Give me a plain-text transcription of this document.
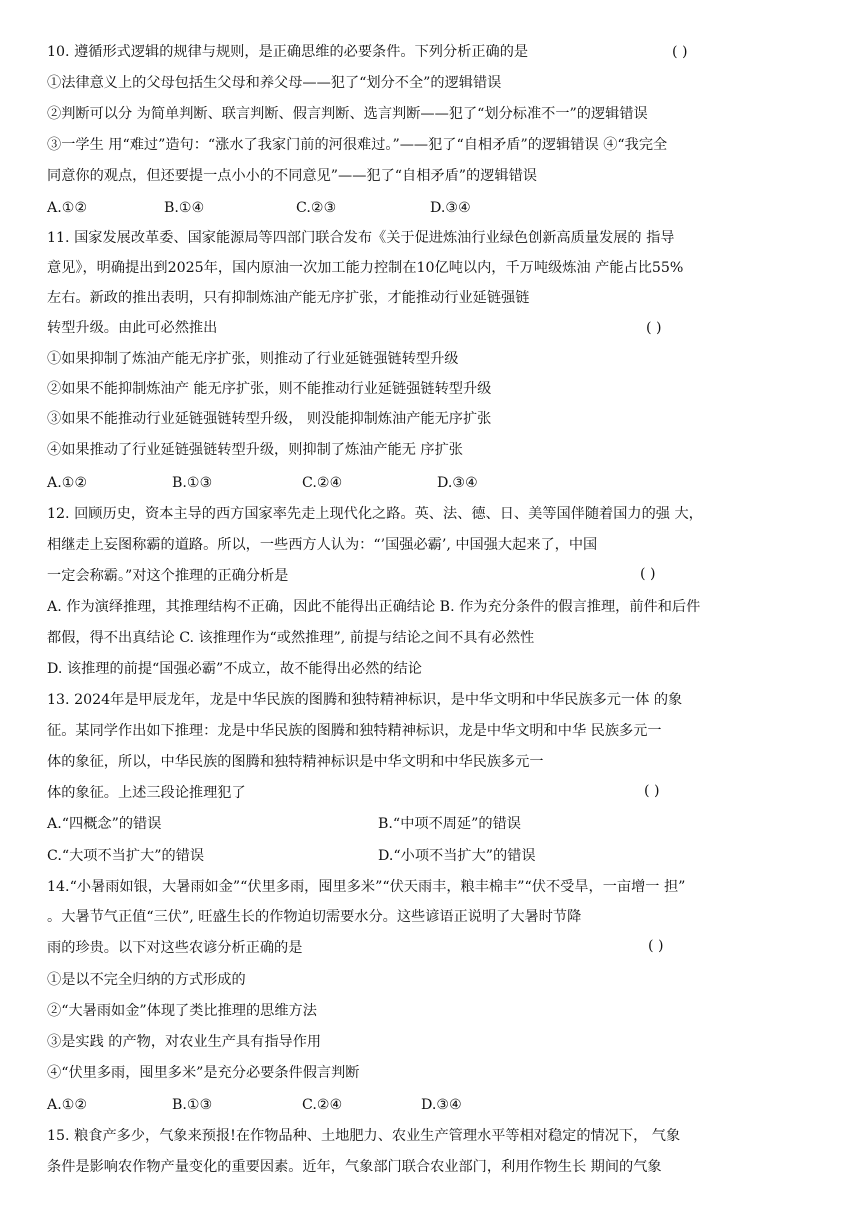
10. 遵循形式逻辑的规律与规则，是正确思维的必要条件。下列分析正确的是	( )
①法律意义上的父母包括生父母和养父母——犯了“划分不全”的逻辑错误
②判断可以分 为简单判断、联言判断、假言判断、选言判断——犯了“划分标准不一”的逻辑错误
③一学生 用“难过”造句：“涨水了我家门前的河很难过。”——犯了“自相矛盾”的逻辑错误 ④“我完全
同意你的观点，但还要提一点小小的不同意见”——犯了“自相矛盾”的逻辑错误
A.①②	B.①④	C.②③	D.③④
11. 国家发展改革委、国家能源局等四部门联合发布《关于促进炼油行业绿色创新高质量发展的 指导
意见》，明确提出到2025年，国内原油一次加工能力控制在10亿吨以内，千万吨级炼油 产能占比55%
左右。新政的推出表明，只有抑制炼油产能无序扩张，才能推动行业延链强链
转型升级。由此可必然推出	( )
①如果抑制了炼油产能无序扩张，则推动了行业延链强链转型升级
②如果不能抑制炼油产 能无序扩张，则不能推动行业延链强链转型升级
③如果不能推动行业延链强链转型升级， 则没能抑制炼油产能无序扩张
④如果推动了行业延链强链转型升级，则抑制了炼油产能无 序扩张
A.①②	B.①③	C.②④	D.③④
12. 回顾历史，资本主导的西方国家率先走上现代化之路。英、法、德、日、美等国伴随着国力的强 大，
相继走上妄图称霸的道路。所以，一些西方人认为：“’国强必霸’, 中国强大起来了，中国
一定会称霸。”对这个推理的正确分析是	( )
A. 作为演绎推理，其推理结构不正确，因此不能得出正确结论 B. 作为充分条件的假言推理，前件和后件
都假，得不出真结论 C. 该推理作为“或然推理”, 前提与结论之间不具有必然性
D. 该推理的前提“国强必霸”不成立，故不能得出必然的结论
13. 2024年是甲辰龙年，龙是中华民族的图腾和独特精神标识，是中华文明和中华民族多元一体 的象
征。某同学作出如下推理：龙是中华民族的图腾和独特精神标识，龙是中华文明和中华 民族多元一
体的象征，所以，中华民族的图腾和独特精神标识是中华文明和中华民族多元一
体的象征。上述三段论推理犯了	( )
A.“四概念”的错误	B.“中项不周延”的错误
C.“大项不当扩大”的错误	D.“小项不当扩大”的错误
14.“小暑雨如银，大暑雨如金”“伏里多雨，囤里多米”“伏天雨丰，粮丰棉丰”“伏不受旱，一亩增一 担”
。大暑节气正值“三伏”, 旺盛生长的作物迫切需要水分。这些谚语正说明了大暑时节降
雨的珍贵。以下对这些农谚分析正确的是	( )
①是以不完全归纳的方式形成的
②“大暑雨如金”体现了类比推理的思维方法
③是实践 的产物，对农业生产具有指导作用
④“伏里多雨，囤里多米”是充分必要条件假言判断
A.①②	B.①③	C.②④	D.③④
15. 粮食产多少，气象来预报!在作物品种、土地肥力、农业生产管理水平等相对稳定的情况下， 气象
条件是影响农作物产量变化的重要因素。近年，气象部门联合农业部门，利用作物生长 期间的气象
